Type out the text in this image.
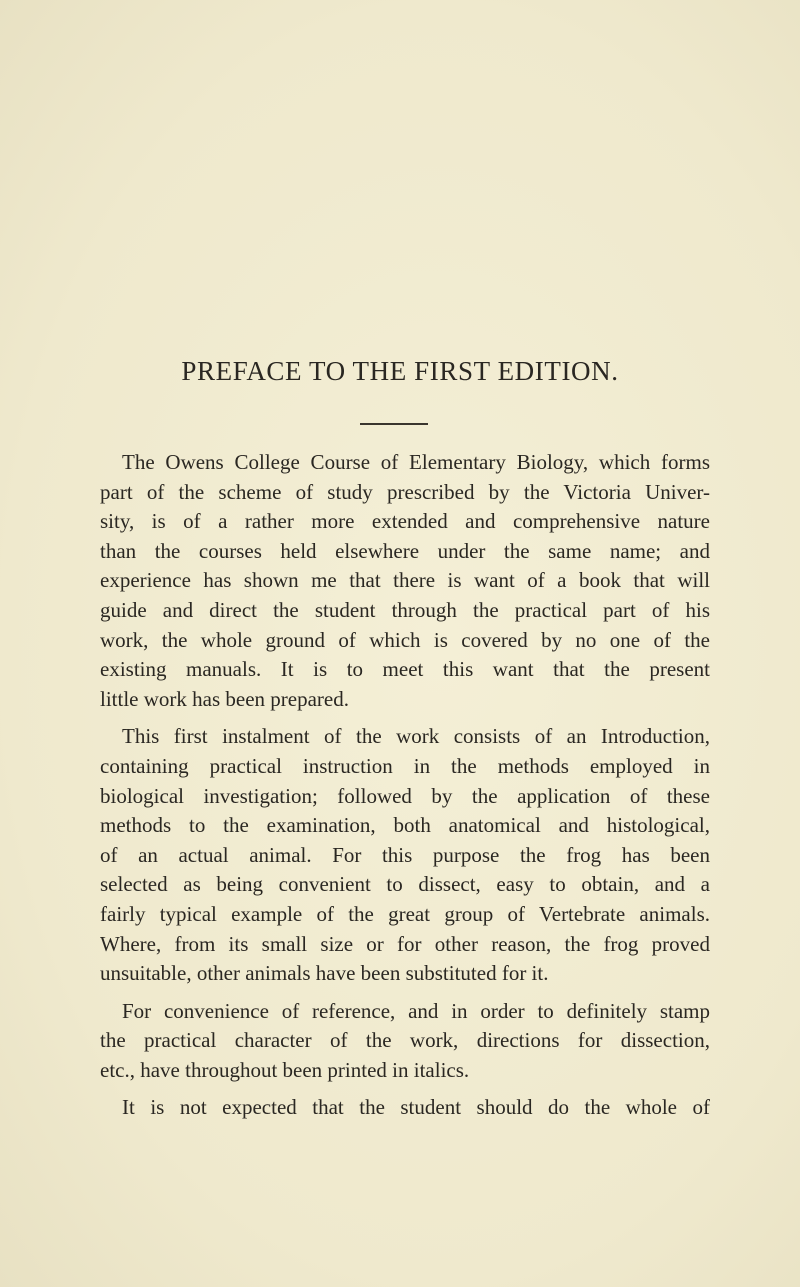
PREFACE TO THE FIRST EDITION.
The Owens College Course of Elementary Biology, which forms
part of the scheme of study prescribed by the Victoria Univer-
sity, is of a rather more extended and comprehensive nature
than the courses held elsewhere under the same name; and
experience has shown me that there is want of a book that will
guide and direct the student through the practical part of his
work, the whole ground of which is covered by no one of the
existing manuals. It is to meet this want that the present
little work has been prepared.
This first instalment of the work consists of an Introduction,
containing practical instruction in the methods employed in
biological investigation; followed by the application of these
methods to the examination, both anatomical and histological,
of an actual animal. For this purpose the frog has been
selected as being convenient to dissect, easy to obtain, and a
fairly typical example of the great group of Vertebrate animals.
Where, from its small size or for other reason, the frog proved
unsuitable, other animals have been substituted for it.
For convenience of reference, and in order to definitely stamp
the practical character of the work, directions for dissection,
etc., have throughout been printed in italics.
It is not expected that the student should do the whole of
